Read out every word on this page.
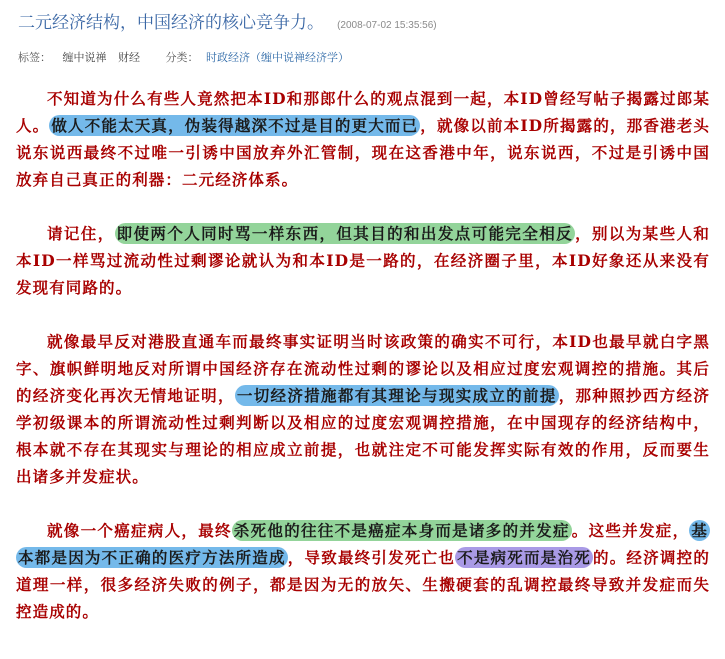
二元经济结构，中国经济的核心竞争力。 (2008-07-02 15:35:56)
标签： 缠中说禅 财经 分类： 时政经济（缠中说禅经济学）

不知道为什么有些人竟然把本ID和那郎什么的观点混到一起，本ID曾经写帖子揭露过郎某人。 做人不能太天真，伪装得越深不过是目的更大而已 ，就像以前本ID所揭露的，那香港老头说东说西最终不过唯一引诱中国放弃外汇管制，现在这香港中年，说东说西，不过是引诱中国放弃自己真正的利器：二元经济体系。

请记住， 即使两个人同时骂一样东西，但其目的和出发点可能完全相反 ，别以为某些人和本ID一样骂过流动性过剩谬论就认为和本ID是一路的，在经济圈子里，本ID好象还从来没有发现有同路的。

就像最早反对港股直通车而最终事实证明当时该政策的确实不可行，本ID也最早就白字黑字、旗帜鲜明地反对所谓中国经济存在流动性过剩的谬论以及相应过度宏观调控的措施。其后的经济变化再次无情地证明， 一切经济措施都有其理论与现实成立的前提 ，那种照抄西方经济学初级课本的所谓流动性过剩判断以及相应的过度宏观调控措施，在中国现存的经济结构中，根本就不存在其现实与理论的相应成立前提，也就注定不可能发挥实际有效的作用，反而要生出诸多并发症状。

就像一个癌症病人，最终 杀死他的往往不是癌症本身而是诸多的并发症 。这些并发症， 基本都是因为不正确的医疗方法所造成 ，导致最终引发死亡也 不是病死而是治死 的。经济调控的道理一样，很多经济失败的例子，都是因为无的放矢、生搬硬套的乱调控最终导致并发症而失控造成的。
